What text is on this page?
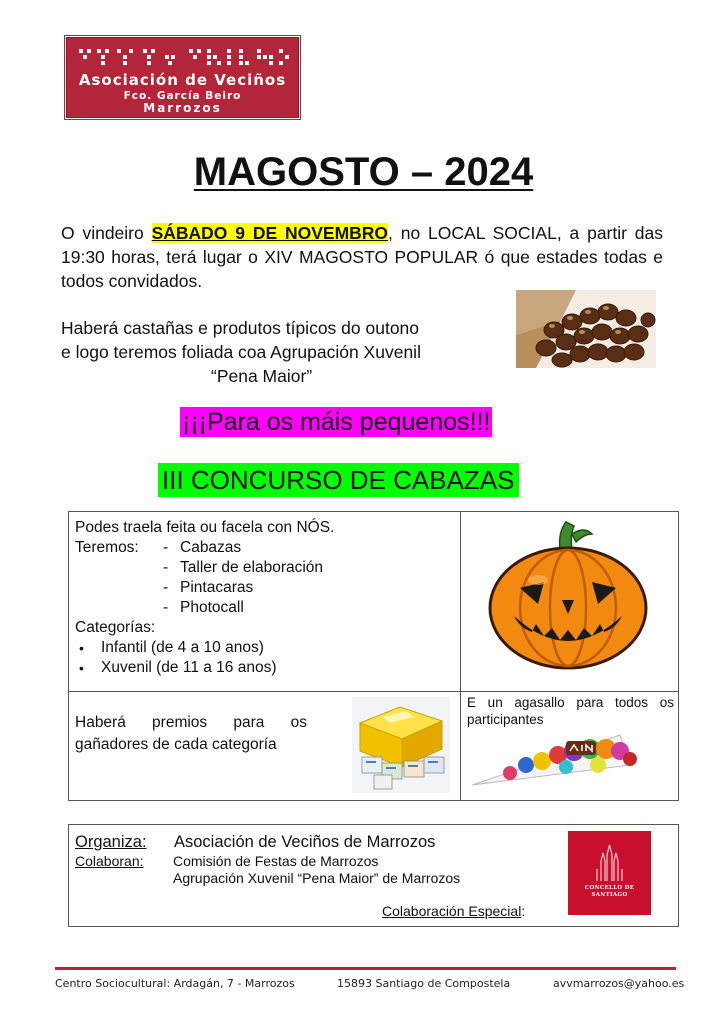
Asociación de Veciños
Fco. García Beiro
Marrozos
MAGOSTO – 2024
O vindeiro SÁBADO 9 DE NOVEMBRO, no LOCAL SOCIAL, a partir das 19:30 horas, terá lugar o XIV MAGOSTO POPULAR ó que estades todas e todos convidados.
Haberá castañas e produtos típicos do outono
e logo teremos foliada coa Agrupación Xuvenil
“Pena Maior”
¡¡¡Para os máis pequenos!!!
III CONCURSO DE CABAZAS
Podes traela feita ou facela con NÓS.
Teremos:	- Cabazas
- Taller de elaboración
- Pintacaras
- Photocall
Categorías:
•	Infantil (de 4 a 10 anos)
•	Xuvenil (de 11 a 16 anos)
Haberá premios para os
gañadores de cada categoría
E un agasallo para todos os participantes
Organiza: Asociación de Veciños de Marrozos
Colaboran: Comisión de Festas de Marrozos
Agrupación Xuvenil “Pena Maior” de Marrozos
Colaboración Especial:
CONCELLO DE
SANTIAGO
Centro Sociocultural: Ardagán, 7 - Marrozos	15893 Santiago de Compostela	avvmarrozos@yahoo.es
